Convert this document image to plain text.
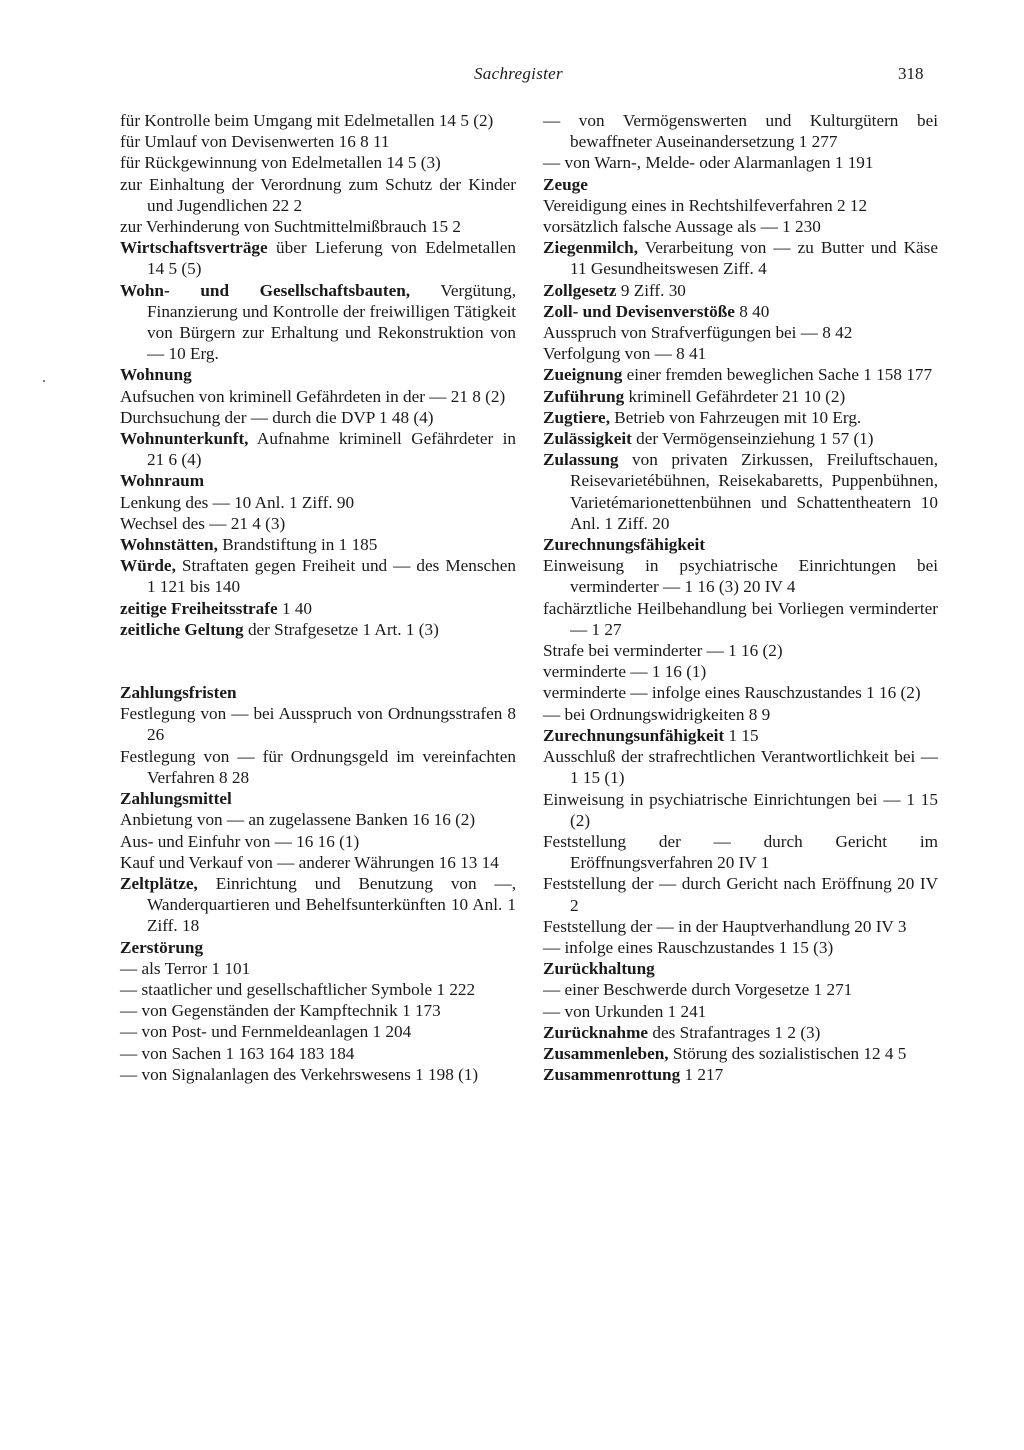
Sachregister	318
für Kontrolle beim Umgang mit Edelmetallen 14 5 (2)
für Umlauf von Devisenwerten 16 8 11
für Rückgewinnung von Edelmetallen 14 5 (3)
zur Einhaltung der Verordnung zum Schutz der Kinder und Jugendlichen 22 2
zur Verhinderung von Suchtmittelmißbrauch 15 2
Wirtschaftsverträge über Lieferung von Edelmetallen 14 5 (5)
Wohn- und Gesellschaftsbauten, Vergütung, Finanzierung und Kontrolle der freiwilligen Tätigkeit von Bürgern zur Erhaltung und Rekonstruktion von — 10 Erg.
Wohnung
Aufsuchen von kriminell Gefährdeten in der — 21 8 (2)
Durchsuchung der — durch die DVP 1 48 (4)
Wohnunterkunft, Aufnahme kriminell Gefährdeter in 21 6 (4)
Wohnraum
Lenkung des — 10 Anl. 1 Ziff. 90
Wechsel des — 21 4 (3)
Wohnstätten, Brandstiftung in 1 185
Würde, Straftaten gegen Freiheit und — des Menschen 1 121 bis 140
zeitige Freiheitsstrafe 1 40
zeitliche Geltung der Strafgesetze 1 Art. 1 (3)
Zahlungsfristen
Festlegung von — bei Ausspruch von Ordnungsstrafen 8 26
Festlegung von — für Ordnungsgeld im vereinfachten Verfahren 8 28
Zahlungsmittel
Anbietung von — an zugelassene Banken 16 16 (2)
Aus- und Einfuhr von — 16 16 (1)
Kauf und Verkauf von — anderer Währungen 16 13 14
Zeltplätze, Einrichtung und Benutzung von —, Wanderquartieren und Behelfsunterkünften 10 Anl. 1 Ziff. 18
Zerstörung
— als Terror 1 101
— staatlicher und gesellschaftlicher Symbole 1 222
— von Gegenständen der Kampftechnik 1 173
— von Post- und Fernmeldeanlagen 1 204
— von Sachen 1 163 164 183 184
— von Signalanlagen des Verkehrswesens 1 198 (1)
— von Vermögenswerten und Kulturgütern bei bewaffneter Auseinandersetzung 1 277
— von Warn-, Melde- oder Alarmanlagen 1 191
Zeuge
Vereidigung eines in Rechtshilfeverfahren 2 12
vorsätzlich falsche Aussage als — 1 230
Ziegenmilch, Verarbeitung von — zu Butter und Käse 11 Gesundheitswesen Ziff. 4
Zollgesetz 9 Ziff. 30
Zoll- und Devisenverstöße 8 40
Ausspruch von Strafverfügungen bei — 8 42
Verfolgung von — 8 41
Zueignung einer fremden beweglichen Sache 1 158 177
Zuführung kriminell Gefährdeter 21 10 (2)
Zugtiere, Betrieb von Fahrzeugen mit 10 Erg.
Zulässigkeit der Vermögenseinziehung 1 57 (1)
Zulassung von privaten Zirkussen, Freiluftschauen, Reisevarietébühnen, Reisekabaretts, Puppenbühnen, Varietémarionettenbühnen und Schattentheatern 10 Anl. 1 Ziff. 20
Zurechnungsfähigkeit
Einweisung in psychiatrische Einrichtungen bei verminderter — 1 16 (3) 20 IV 4
fachärztliche Heilbehandlung bei Vorliegen verminderter — 1 27
Strafe bei verminderter — 1 16 (2)
verminderte — 1 16 (1)
verminderte — infolge eines Rauschzustandes 1 16 (2)
— bei Ordnungswidrigkeiten 8 9
Zurechnungsunfähigkeit 1 15
Ausschluß der strafrechtlichen Verantwortlichkeit bei — 1 15 (1)
Einweisung in psychiatrische Einrichtungen bei — 1 15 (2)
Feststellung der — durch Gericht im Eröffnungsverfahren 20 IV 1
Feststellung der — durch Gericht nach Eröffnung 20 IV 2
Feststellung der — in der Hauptverhandlung 20 IV 3
— infolge eines Rauschzustandes 1 15 (3)
Zurückhaltung
— einer Beschwerde durch Vorgesetze 1 271
— von Urkunden 1 241
Zurücknahme des Strafantrages 1 2 (3)
Zusammenleben, Störung des sozialistischen 12 4 5
Zusammenrottung 1 217
